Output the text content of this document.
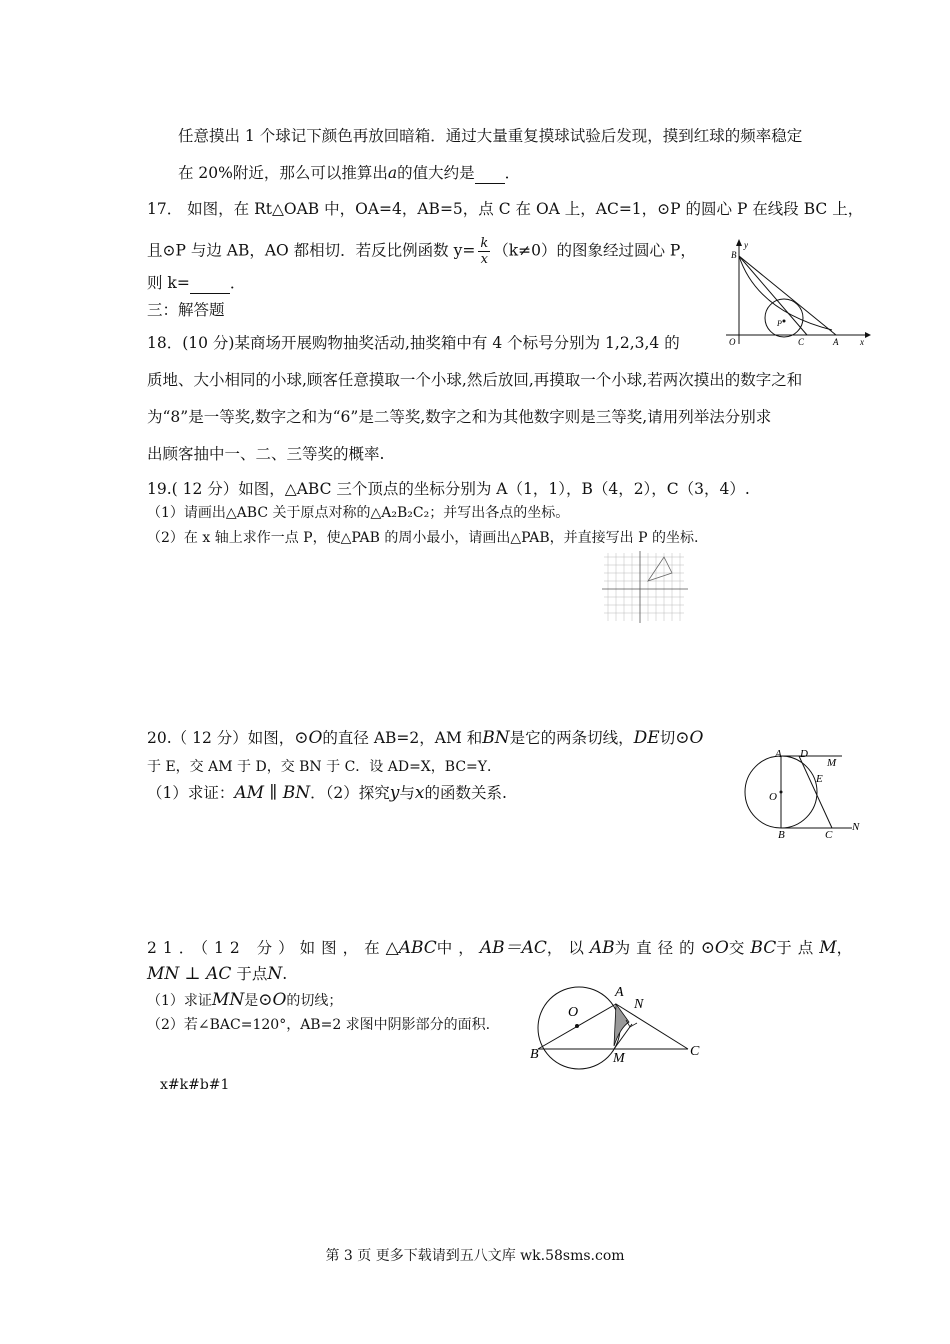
任意摸出 1 个球记下颜色再放回暗箱．通过大量重复摸球试验后发现，摸到红球的频率稳定
在 20%附近，那么可以推算出a的值大约是 ．
17． 如图，在 Rt△OAB 中，OA=4，AB=5，点 C 在 OA 上，AC=1，⊙P 的圆心 P 在线段 BC 上，
且⊙P 与边 AB，AO 都相切．若反比例函数 $y= \frac{k}{x} (k\ne 0)$的图象经过圆心 P，
则 k=	．
三：解答题
B
y
O	C	A x
P
18．(10 分)某商场开展购物抽奖活动,抽奖箱中有 4 个标号分别为 1,2,3,4 的
质地、大小相同的小球,顾客任意摸取一个小球,然后放回,再摸取一个小球,若两次摸出的数字之和
为“8”是一等奖,数字之和为“6”是二等奖,数字之和为其他数字则是三等奖,请用列举法分别求
出顾客抽中一、二、三等奖的概率.
19.( 12 分）如图，△ABC 三个顶点的坐标分别为 A（1，1），B（4，2），C（3，4）.
（1）请画出△ABC 关于原点对称的△A₂B₂C₂；并写出各点的坐标。
（2）在 x 轴上求作一点 P，使△PAB 的周小最小，请画出△PAB，并直接写出 P 的坐标.
20.（ 12 分）如图，⊙O的直径 AB=2，AM 和BN是它的两条切线，DE切⊙O
于 E，交 AM 于 D，交 BN 于 C．设 AD=X，BC=Y．
（1）求证：AM ∥ BN．（2）探究y与x的函数关系.
A D
M
E
O
B	C
N
21．（12 分）如图，在△ABC中，AB＝AC，以AB为直径的⊙O交BC于点M，
MN ⊥ AC 于点N.
（1）求证MN是⊙O的切线；
（2）若∠BAC=120°，AB=2 求图中阴影部分的面积.
A
N
O
B	M	C
x#k#b#1
第 3 页 更多下载请到五八文库 wk.58sms.com
